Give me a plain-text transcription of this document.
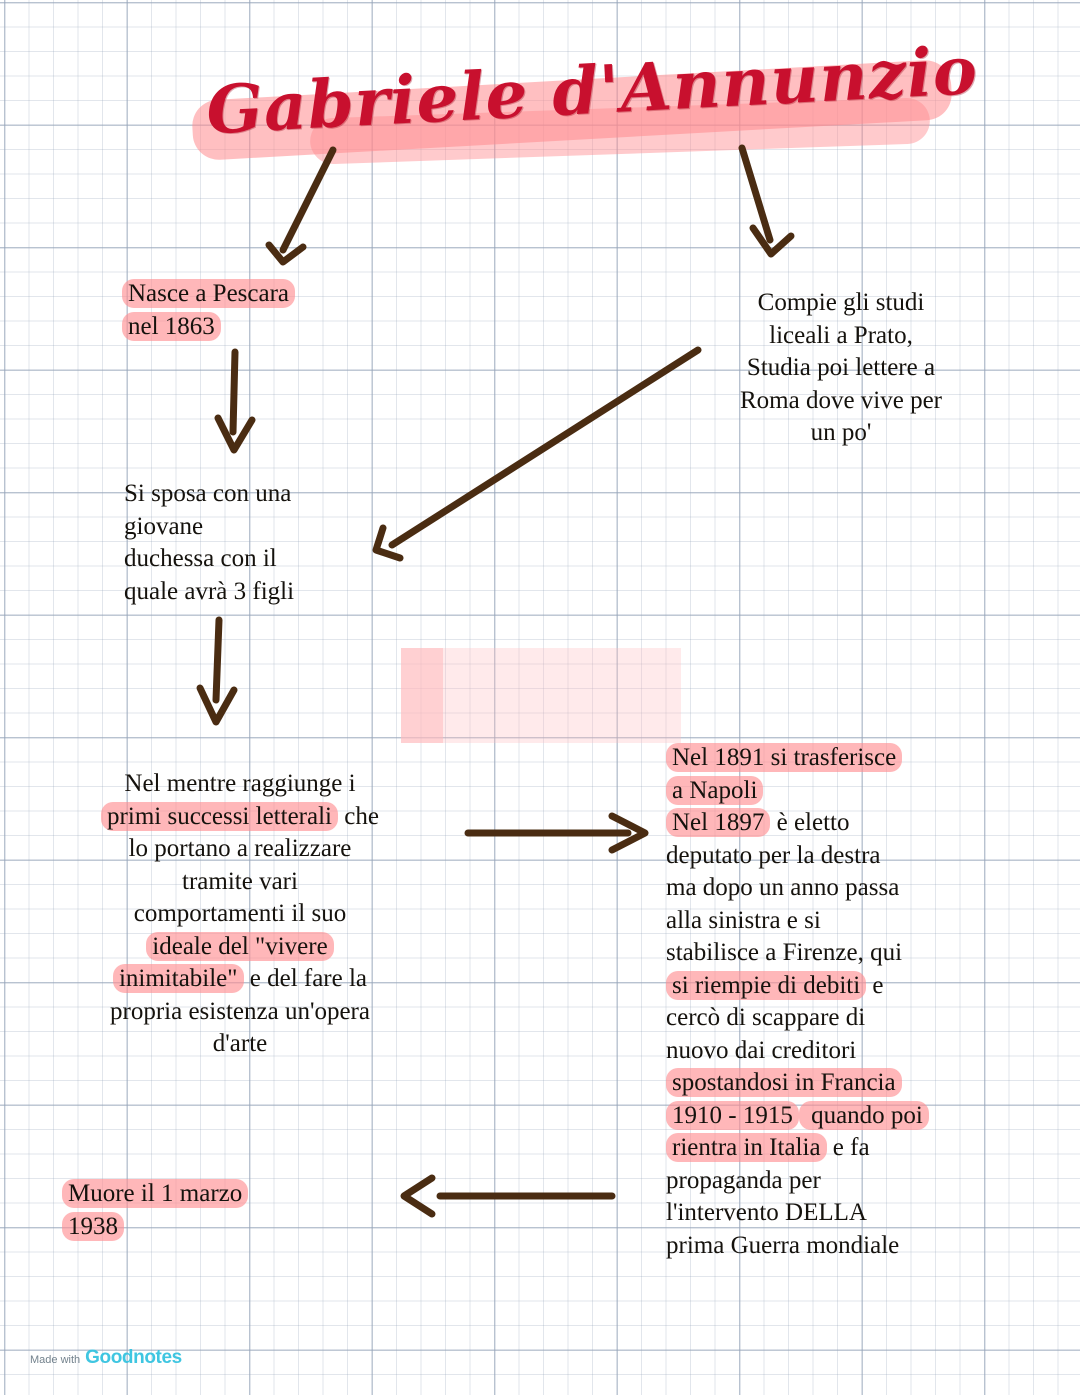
Gabriele d'Annunzio
Nasce a Pescara
nel 1863
Compie gli studi
liceali a Prato,
Studia poi lettere a
Roma dove vive per
un po'
Si sposa con una
giovane
duchessa con il
quale avrà 3 figli
Nel mentre raggiunge i
primi successi letterali che
lo portano a realizzare
tramite vari
comportamenti il suo
ideale del "vivere
inimitabile" e del fare la
propria esistenza un'opera
d'arte
Nel 1891 si trasferisce
a Napoli
Nel 1897 è eletto
deputato per la destra
ma dopo un anno passa
alla sinistra e si
stabilisce a Firenze, qui
si riempie di debiti e
cercò di scappare di
nuovo dai creditori
spostandosi in Francia
1910 - 1915 quando poi
rientra in Italia e fa
propaganda per
l'intervento DELLA
prima Guerra mondiale
Muore il 1 marzo
1938
Made with Goodnotes
